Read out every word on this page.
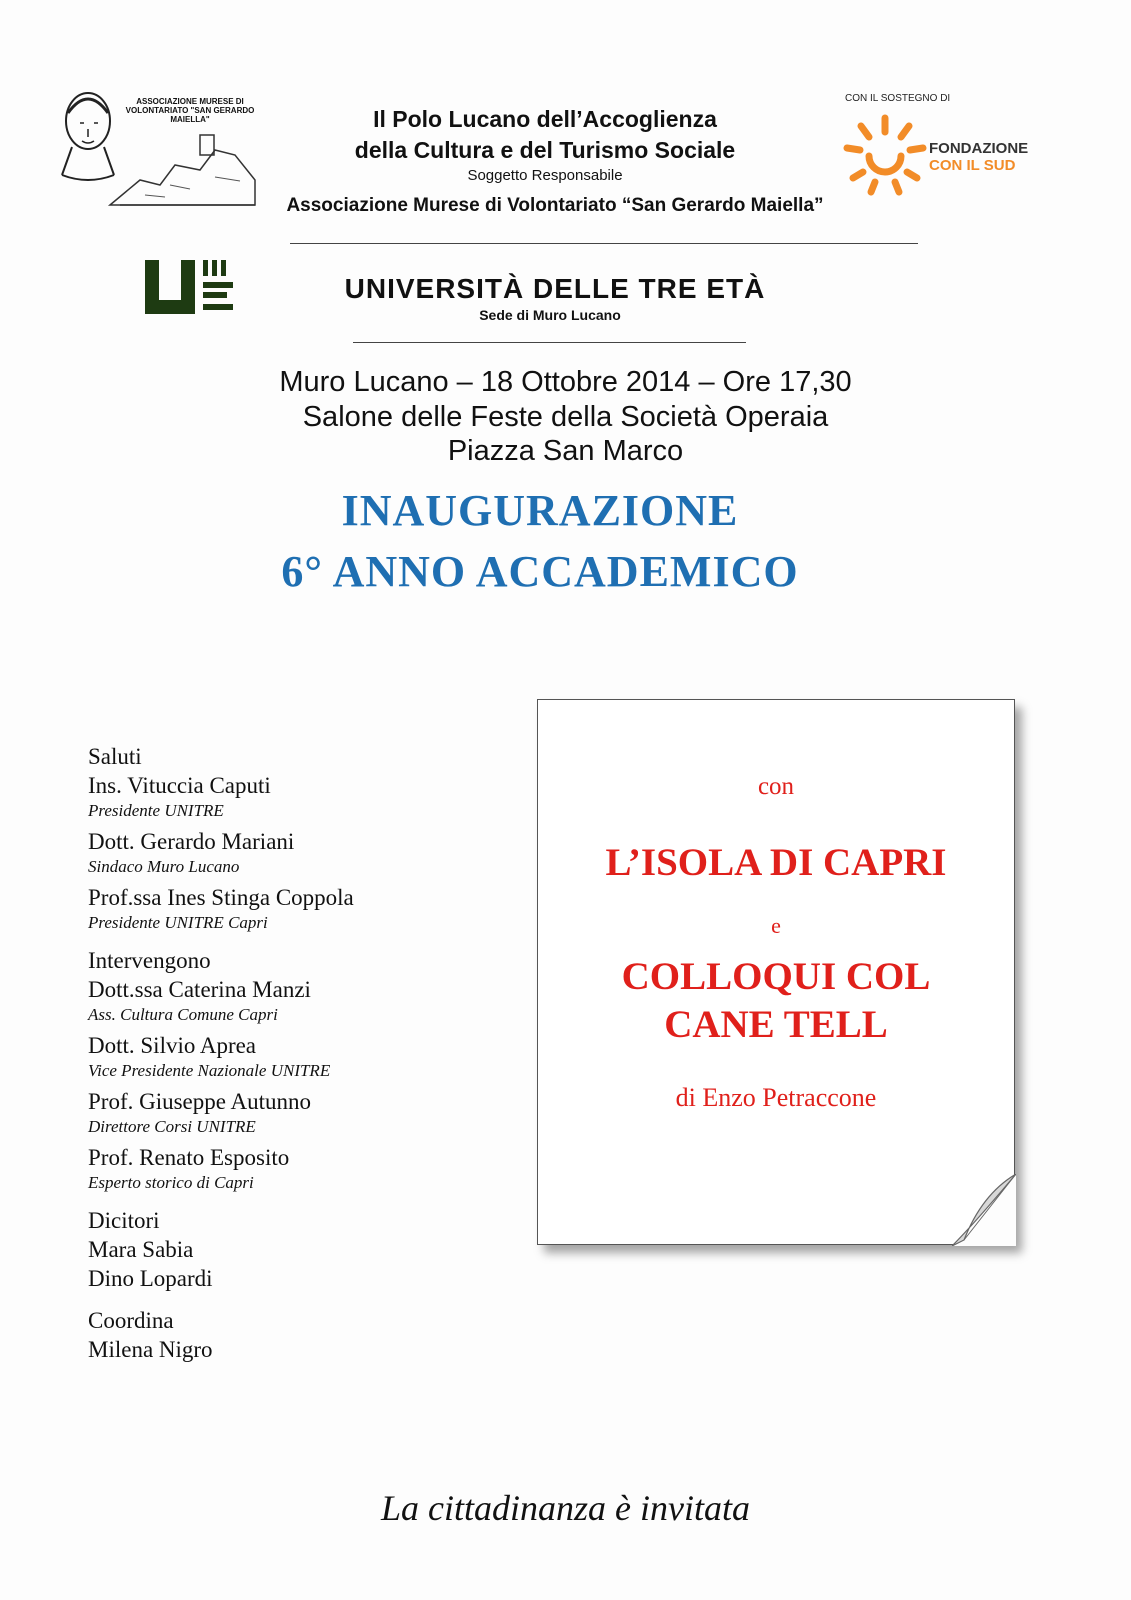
ASSOCIAZIONE MURESE DI VOLONTARIATO "SAN GERARDO MAIELLA"	Il Polo Lucano dell’Accoglienza
della Cultura e del Turismo Sociale
Soggetto Responsabile
Associazione Murese di Volontariato “San Gerardo Maiella”
CON IL SOSTEGNO DI
FONDAZIONE
CON IL SUD
UNIVERSITÀ DELLE TRE ETÀ
Sede di Muro Lucano
Muro Lucano – 18 Ottobre 2014 – Ore 17,30
Salone delle Feste della Società Operaia
Piazza San Marco
INAUGURAZIONE
6° ANNO ACCADEMICO
Saluti
Ins. Vituccia Caputi
Presidente UNITRE
Dott. Gerardo Mariani
Sindaco Muro Lucano
Prof.ssa Ines Stinga Coppola
Presidente UNITRE Capri
Intervengono
Dott.ssa Caterina Manzi
Ass. Cultura Comune Capri
Dott. Silvio Aprea
Vice Presidente Nazionale UNITRE
Prof. Giuseppe Autunno
Direttore Corsi UNITRE
Prof. Renato Esposito
Esperto storico di Capri
Dicitori
Mara Sabia
Dino Lopardi
Coordina
Milena Nigro
con
L’ISOLA DI CAPRI
e
COLLOQUI COL
CANE TELL
di Enzo Petraccone
La cittadinanza è invitata
